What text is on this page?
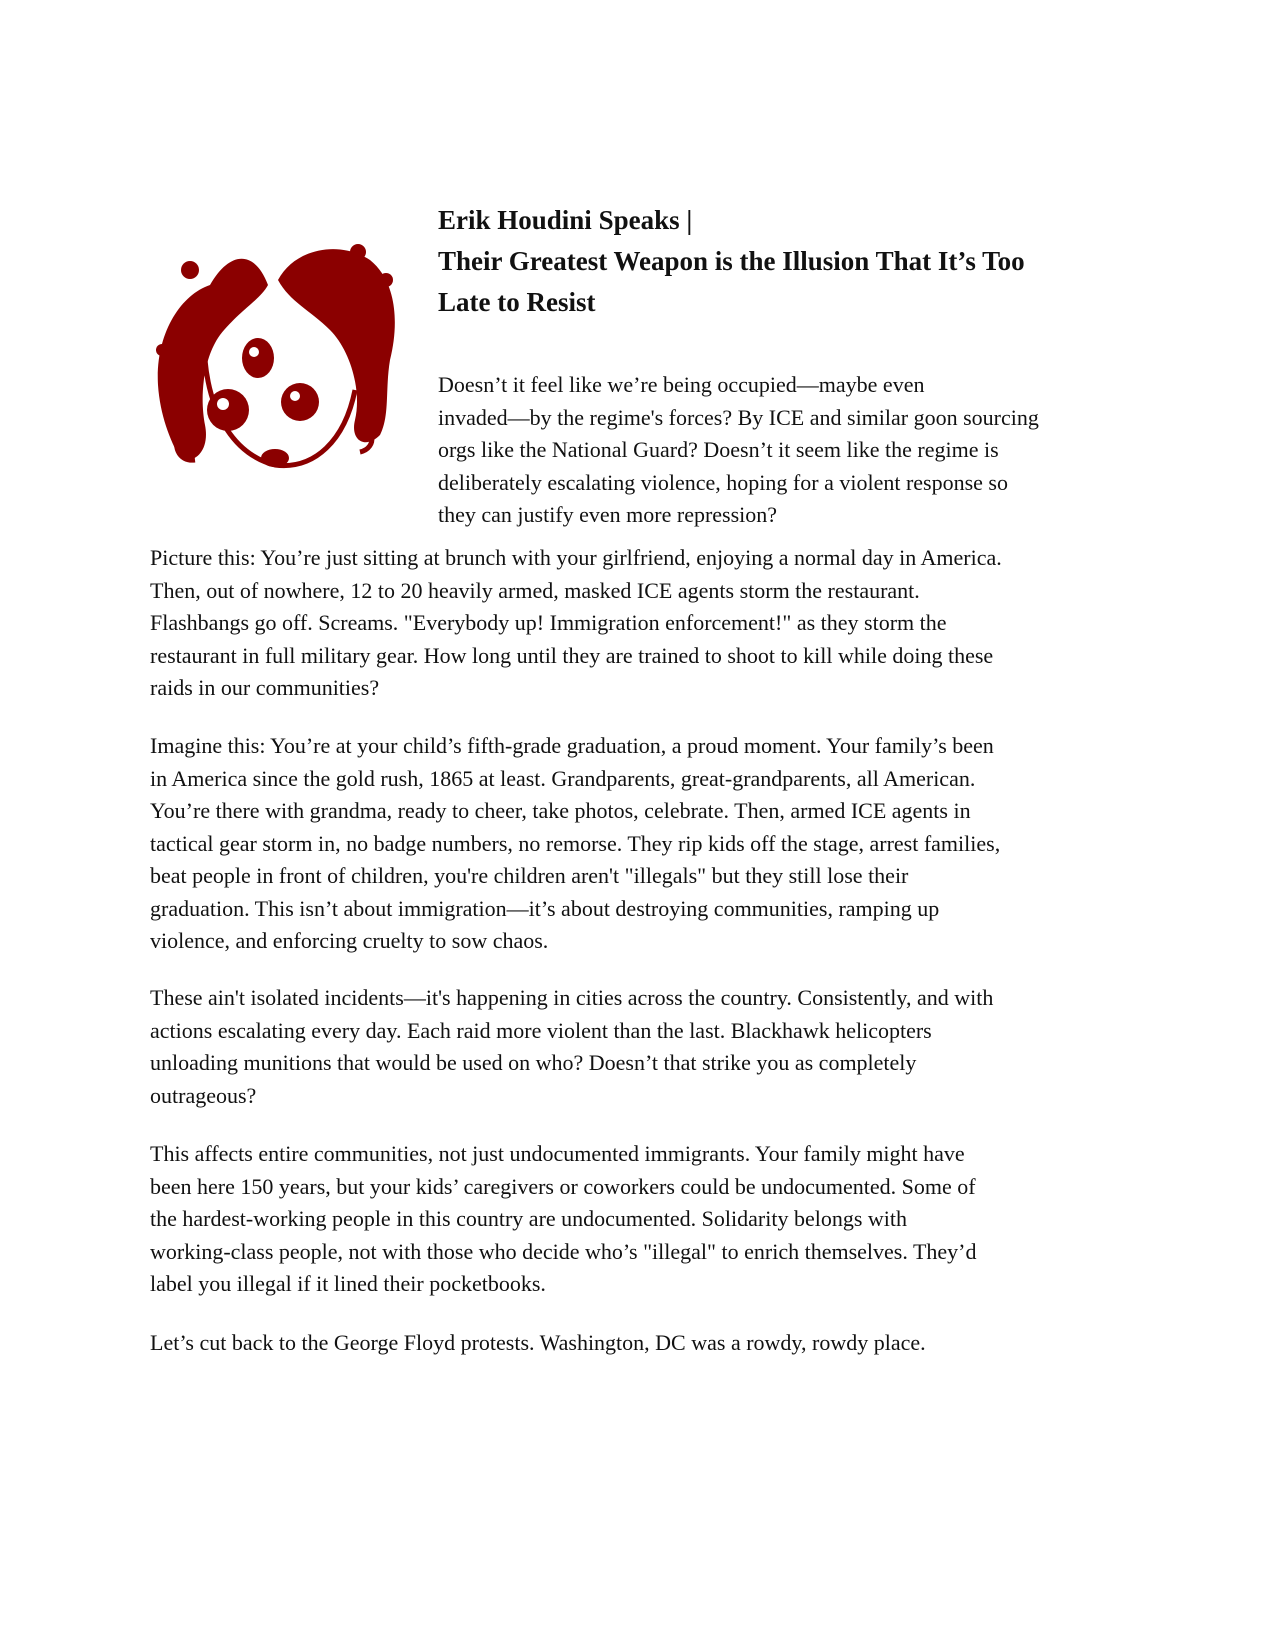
Erik Houdini Speaks |

Their Greatest Weapon is the Illusion That It’s Too

Late to Resist

Doesn’t it feel like we’re being occupied—maybe even
invaded—by the regime's forces? By ICE and similar goon sourcing
orgs like the National Guard? Doesn’t it seem like the regime is
deliberately escalating violence, hoping for a violent response so
they can justify even more repression?

Picture this: You’re just sitting at brunch with your girlfriend, enjoying a normal day in America.
Then, out of nowhere, 12 to 20 heavily armed, masked ICE agents storm the restaurant.
Flashbangs go off. Screams. "Everybody up! Immigration enforcement!" as they storm the
restaurant in full military gear. How long until they are trained to shoot to kill while doing these
raids in our communities?

Imagine this: You’re at your child’s fifth-grade graduation, a proud moment. Your family’s been
in America since the gold rush, 1865 at least. Grandparents, great-grandparents, all American.
You’re there with grandma, ready to cheer, take photos, celebrate. Then, armed ICE agents in
tactical gear storm in, no badge numbers, no remorse. They rip kids off the stage, arrest families,
beat people in front of children, you're children aren't "illegals" but they still lose their
graduation. This isn’t about immigration—it’s about destroying communities, ramping up
violence, and enforcing cruelty to sow chaos.

These ain't isolated incidents—it's happening in cities across the country. Consistently, and with
actions escalating every day. Each raid more violent than the last. Blackhawk helicopters
unloading munitions that would be used on who? Doesn’t that strike you as completely
outrageous?

This affects entire communities, not just undocumented immigrants. Your family might have
been here 150 years, but your kids’ caregivers or coworkers could be undocumented. Some of
the hardest-working people in this country are undocumented. Solidarity belongs with
working-class people, not with those who decide who’s "illegal" to enrich themselves. They’d
label you illegal if it lined their pocketbooks.

Let’s cut back to the George Floyd protests. Washington, DC was a rowdy, rowdy place.
